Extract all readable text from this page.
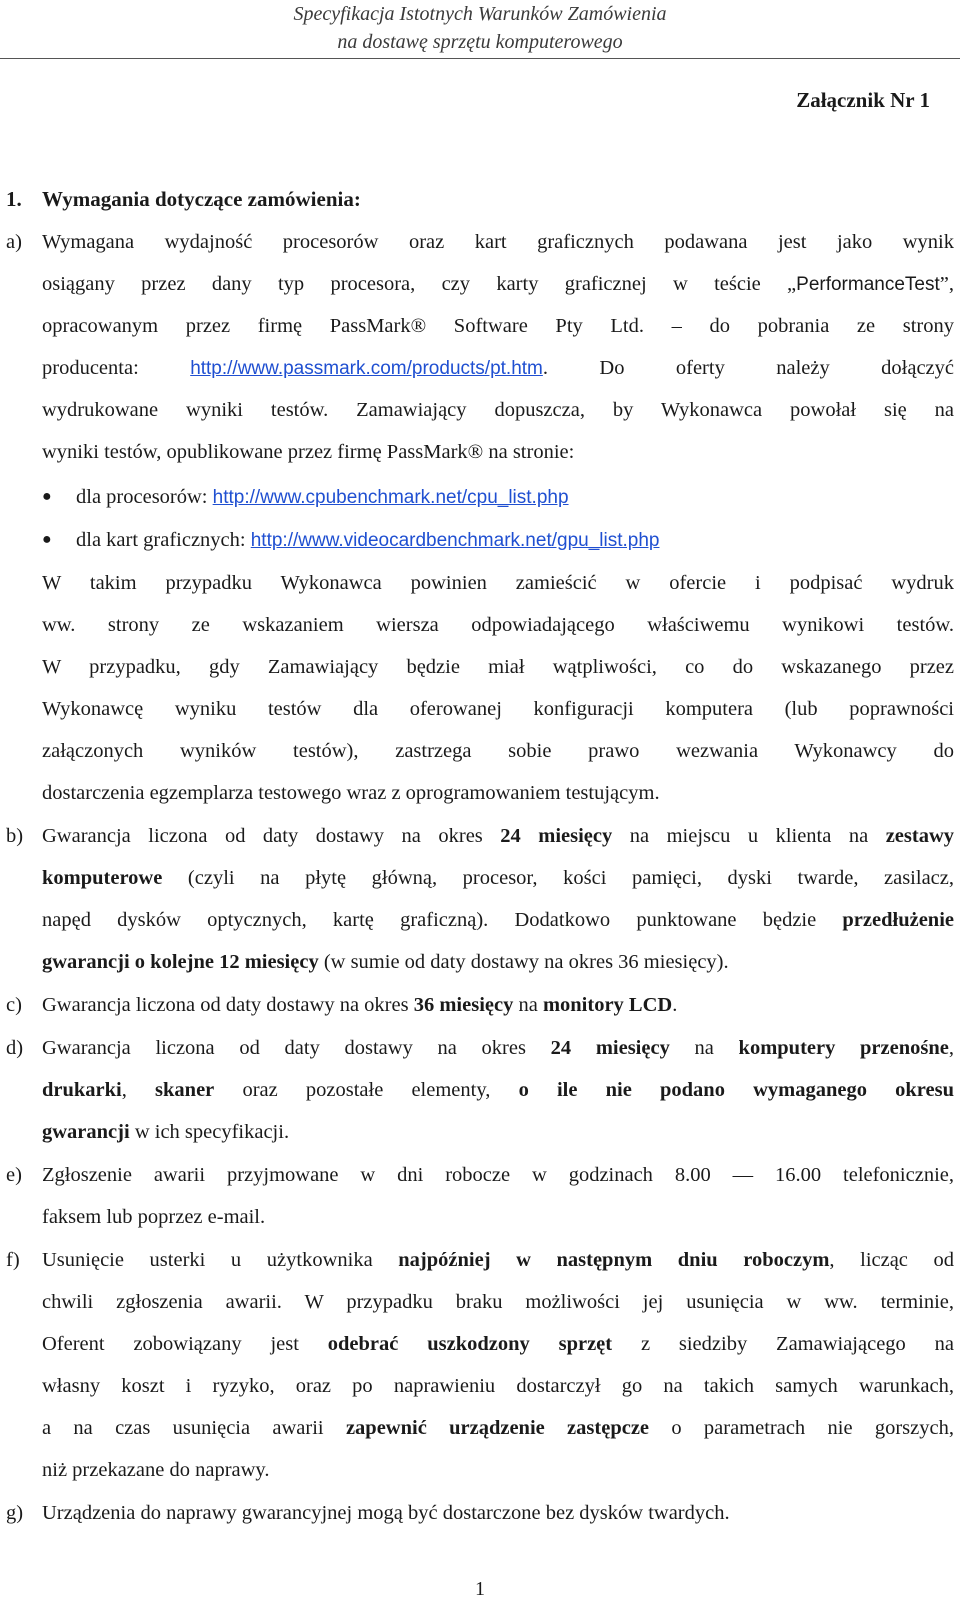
Specyfikacja Istotnych Warunków Zamówienia
na dostawę sprzętu komputerowego
Załącznik Nr 1
1. Wymagania dotyczące zamówienia:
a) Wymagana wydajność procesorów oraz kart graficznych podawana jest jako wynik
osiągany przez dany typ procesora, czy karty graficznej w teście „PerformanceTest”,
opracowanym przez firmę PassMark® Software Pty Ltd. – do pobrania ze strony
producenta: http://www.passmark.com/products/pt.htm. Do oferty należy dołączyć
wydrukowane wyniki testów. Zamawiający dopuszcza, by Wykonawca powołał się na
wyniki testów, opublikowane przez firmę PassMark® na stronie:
● dla procesorów: http://www.cpubenchmark.net/cpu_list.php
● dla kart graficznych: http://www.videocardbenchmark.net/gpu_list.php
W takim przypadku Wykonawca powinien zamieścić w ofercie i podpisać wydruk
ww. strony ze wskazaniem wiersza odpowiadającego właściwemu wynikowi testów.
W przypadku, gdy Zamawiający będzie miał wątpliwości, co do wskazanego przez
Wykonawcę wyniku testów dla oferowanej konfiguracji komputera (lub poprawności
załączonych wyników testów), zastrzega sobie prawo wezwania Wykonawcy do
dostarczenia egzemplarza testowego wraz z oprogramowaniem testującym.
b) Gwarancja liczona od daty dostawy na okres 24 miesięcy na miejscu u klienta na zestawy
komputerowe (czyli na płytę główną, procesor, kości pamięci, dyski twarde, zasilacz,
napęd dysków optycznych, kartę graficzną). Dodatkowo punktowane będzie przedłużenie
gwarancji o kolejne 12 miesięcy (w sumie od daty dostawy na okres 36 miesięcy).
c) Gwarancja liczona od daty dostawy na okres 36 miesięcy na monitory LCD.
d) Gwarancja liczona od daty dostawy na okres 24 miesięcy na komputery przenośne,
drukarki, skaner oraz pozostałe elementy, o ile nie podano wymaganego okresu
gwarancji w ich specyfikacji.
e) Zgłoszenie awarii przyjmowane w dni robocze w godzinach 8.00 — 16.00 telefonicznie,
faksem lub poprzez e-mail.
f) Usunięcie usterki u użytkownika najpóźniej w następnym dniu roboczym, licząc od
chwili zgłoszenia awarii. W przypadku braku możliwości jej usunięcia w ww. terminie,
Oferent zobowiązany jest odebrać uszkodzony sprzęt z siedziby Zamawiającego na
własny koszt i ryzyko, oraz po naprawieniu dostarczył go na takich samych warunkach,
a na czas usunięcia awarii zapewnić urządzenie zastępcze o parametrach nie gorszych,
niż przekazane do naprawy.
g) Urządzenia do naprawy gwarancyjnej mogą być dostarczone bez dysków twardych.
1
